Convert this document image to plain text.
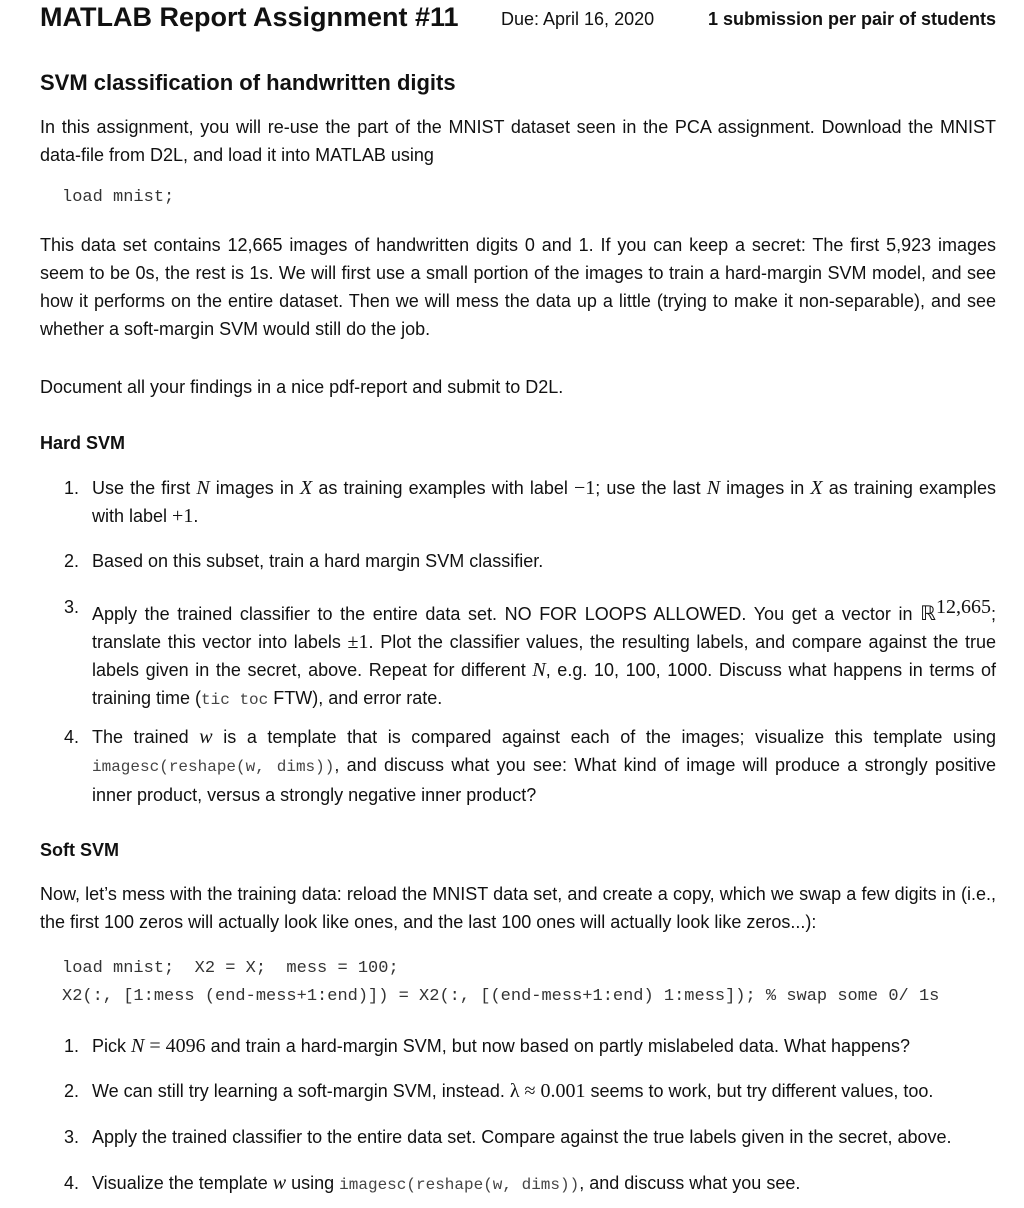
MATLAB Report Assignment #11 Due: April 16, 2020	1 submission per pair of students
SVM classification of handwritten digits

In this assignment, you will re-use the part of the MNIST dataset seen in the PCA assignment. Download the MNIST data-file from D2L, and load it into MATLAB using

load mnist;

This data set contains 12,665 images of handwritten digits 0 and 1. If you can keep a secret: The first 5,923 images seem to be 0s, the rest is 1s. We will first use a small portion of the images to train a hard-margin SVM model, and see how it performs on the entire dataset. Then we will mess the data up a little (trying to make it non-separable), and see whether a soft-margin SVM would still do the job.

Document all your findings in a nice pdf-report and submit to D2L.

Hard SVM
1. Use the first N images in X as training examples with label −1; use the last N images in X as training examples with label +1.
2. Based on this subset, train a hard margin SVM classifier.
3. Apply the trained classifier to the entire data set. NO FOR LOOPS ALLOWED. You get a vector in ℝ$^{12,665}$; translate this vector into labels ±1. Plot the classifier values, the resulting labels, and compare against the true labels given in the secret, above. Repeat for different N, e.g. 10, 100, 1000. Discuss what happens in terms of training time (tic toc FTW), and error rate.
4. The trained w is a template that is compared against each of the images; visualize this template using imagesc(reshape(w, dims)), and discuss what you see: What kind of image will produce a strongly positive inner product, versus a strongly negative inner product?
Soft SVM

Now, let’s mess with the training data: reload the MNIST data set, and create a copy, which we swap a few digits in (i.e., the first 100 zeros will actually look like ones, and the last 100 ones will actually look like zeros...):

load mnist;  X2 = X;  mess = 100;
X2(:, [1:mess (end-mess+1:end)]) = X2(:, [(end-mess+1:end) 1:mess]); % swap some 0/ 1s
1. Pick N = 4096 and train a hard-margin SVM, but now based on partly mislabeled data. What happens?
2. We can still try learning a soft-margin SVM, instead. λ ≈ 0.001 seems to work, but try different values, too.
3. Apply the trained classifier to the entire data set. Compare against the true labels given in the secret, above.
4. Visualize the template w using imagesc(reshape(w, dims)), and discuss what you see.
